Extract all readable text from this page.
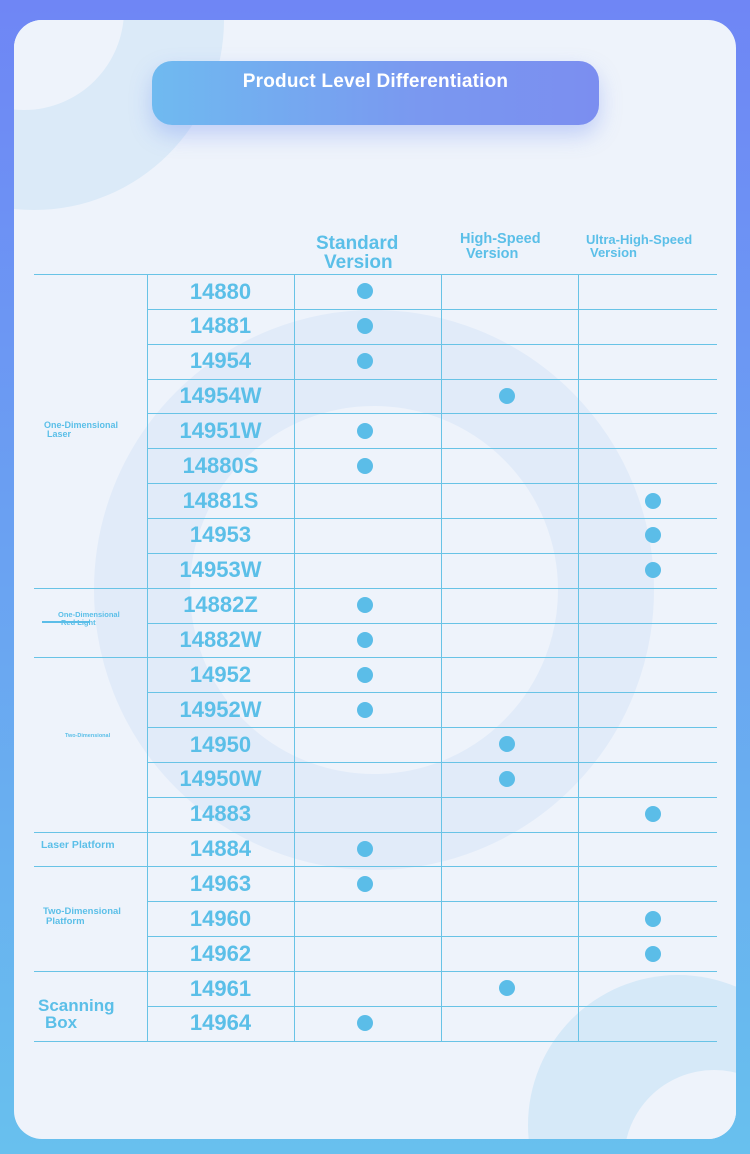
Product Level Differentiation
Standard
Version
High-Speed
Version
Ultra-High-Speed
Version
14880
14881
14954
14954W
14951W
14880S
14881S
14953
14953W
14882Z
14882W
14952
14952W
14950
14950W
14883
14884
14963
14960
14962
14961
14964
One-Dimensional
Laser
One-Dimensional
Red Light
Two-Dimensional
Laser Platform
Two-Dimensional
Platform
Scanning
Box
